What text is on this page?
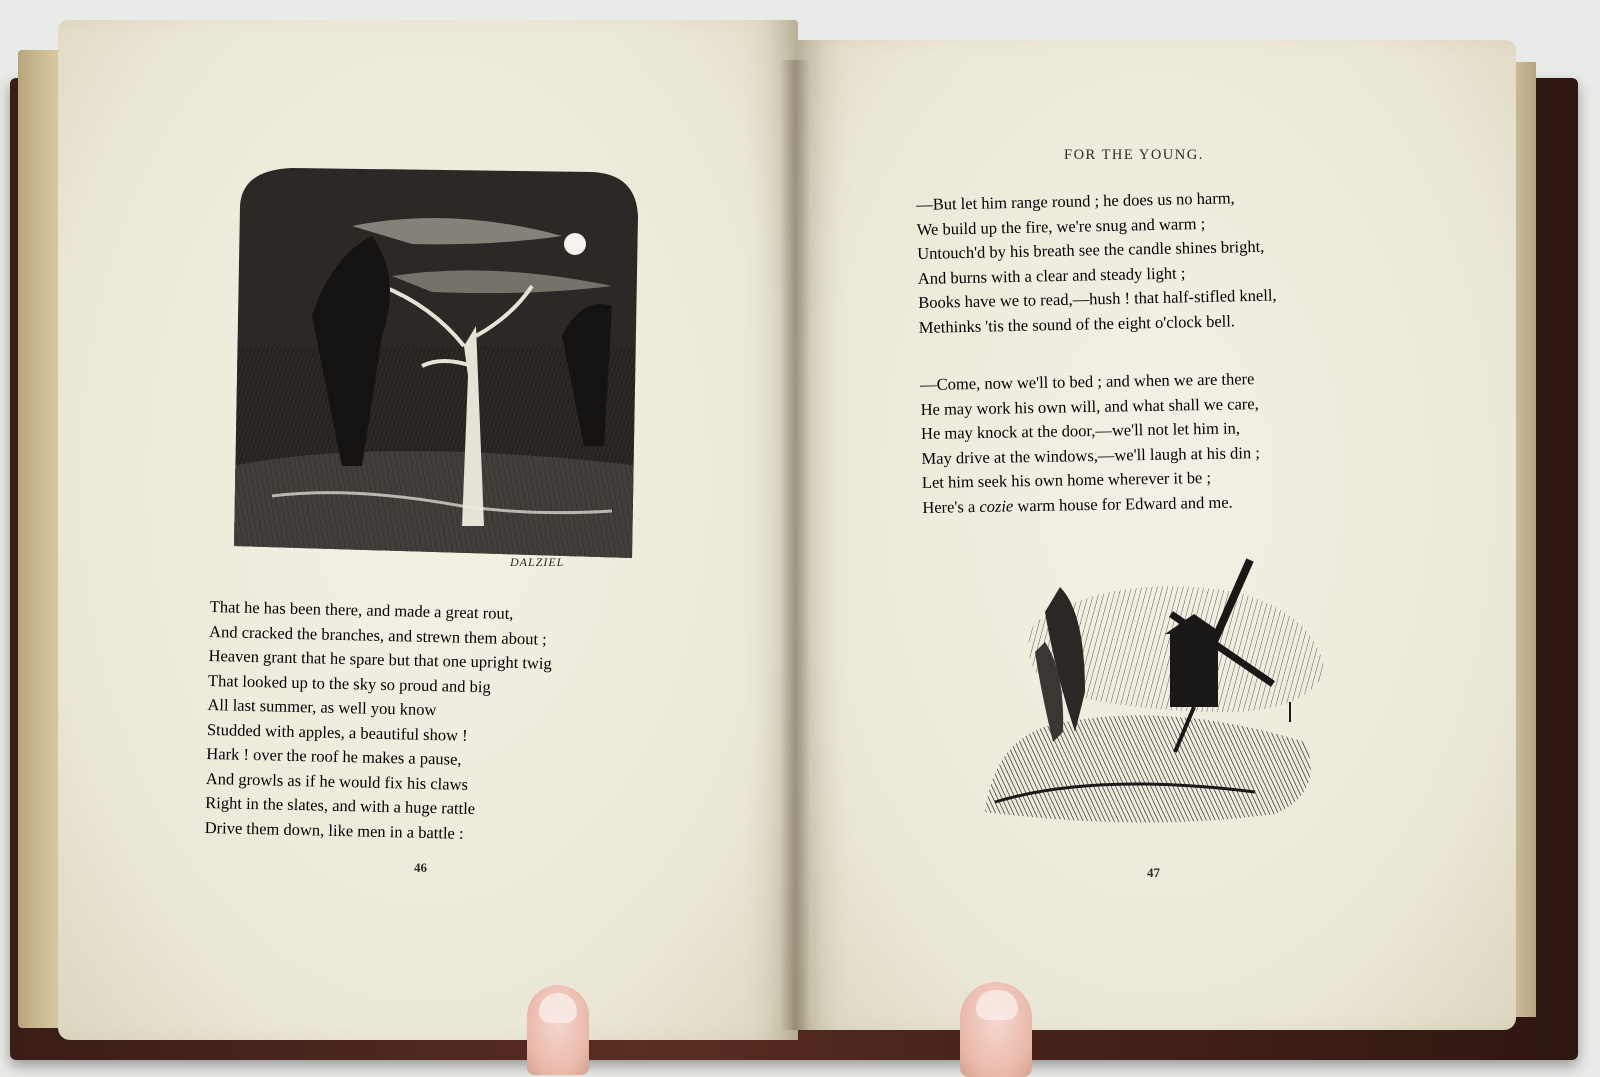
DALZIEL
That he has been there, and made a great rout,
And cracked the branches, and strewn them about ;
Heaven grant that he spare but that one upright twig
That looked up to the sky so proud and big
All last summer, as well you know
Studded with apples, a beautiful show !
Hark ! over the roof he makes a pause,
And growls as if he would fix his claws
Right in the slates, and with a huge rattle
Drive them down, like men in a battle :
46
FOR THE YOUNG.
—But let him range round ; he does us no harm,
We build up the fire, we're snug and warm ;
Untouch'd by his breath see the candle shines bright,
And burns with a clear and steady light ;
Books have we to read,—hush ! that half-stifled knell,
Methinks 'tis the sound of the eight o'clock bell.
—Come, now we'll to bed ; and when we are there
He may work his own will, and what shall we care,
He may knock at the door,—we'll not let him in,
May drive at the windows,—we'll laugh at his din ;
Let him seek his own home wherever it be ;
Here's a cozie warm house for Edward and me.
47
